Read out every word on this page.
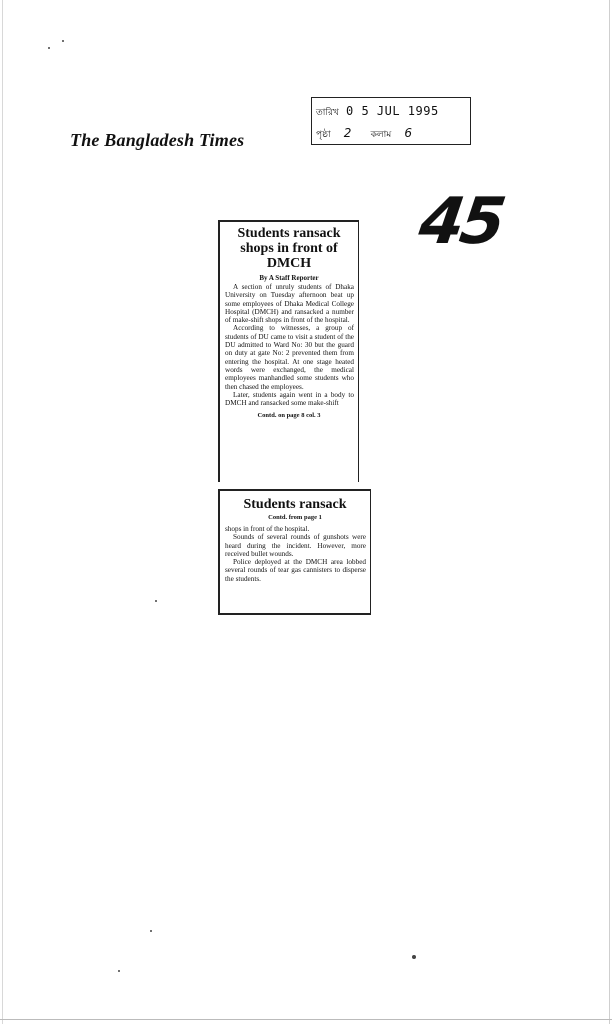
The Bangladesh Times
তারিখ 0 5 JUL 1995
পৃষ্ঠা 2 কলাম 6
45
Students ransack shops in front of DMCH
By A Staff Reporter

A section of unruly students of Dhaka University on Tuesday afternoon beat up some employees of Dhaka Medical College Hospital (DMCH) and ransacked a number of make-shift shops in front of the hospital.

According to witnesses, a group of students of DU came to visit a student of the DU admitted to Ward No: 30 but the guard on duty at gate No: 2 prevented them from entering the hospital. At one stage heated words were exchanged, the medical employees manhandled some students who then chased the employees.

Later, students again went in a body to DMCH and ransacked some make-shift

Contd. on page 8 col. 3
Students ransack
Contd. from page 1

shops in front of the hospital.

Sounds of several rounds of gunshots were heard during the incident. However, more received bullet wounds.

Police deployed at the DMCH area lobbed several rounds of tear gas cannisters to disperse the students.
